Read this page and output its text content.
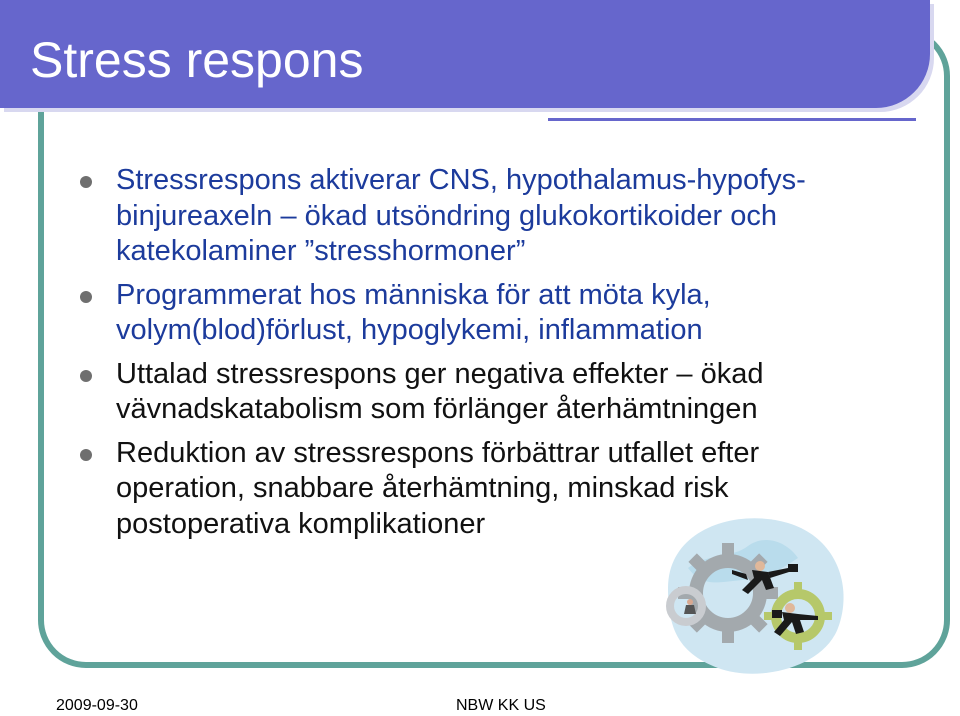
Stress respons
Stressrespons aktiverar CNS, hypothalamus-hypofys-binjureaxeln – ökad utsöndring glukokortikoider och katekolaminer ”stresshormoner”
Programmerat hos människa för att möta kyla, volym(blod)förlust, hypoglykemi, inflammation
Uttalad stressrespons ger negativa effekter – ökad vävnadskatabolism som förlänger återhämtningen
Reduktion av stressrespons förbättrar utfallet efter operation, snabbare återhämtning, minskad risk postoperativa komplikationer
2009-09-30	NBW KK US
